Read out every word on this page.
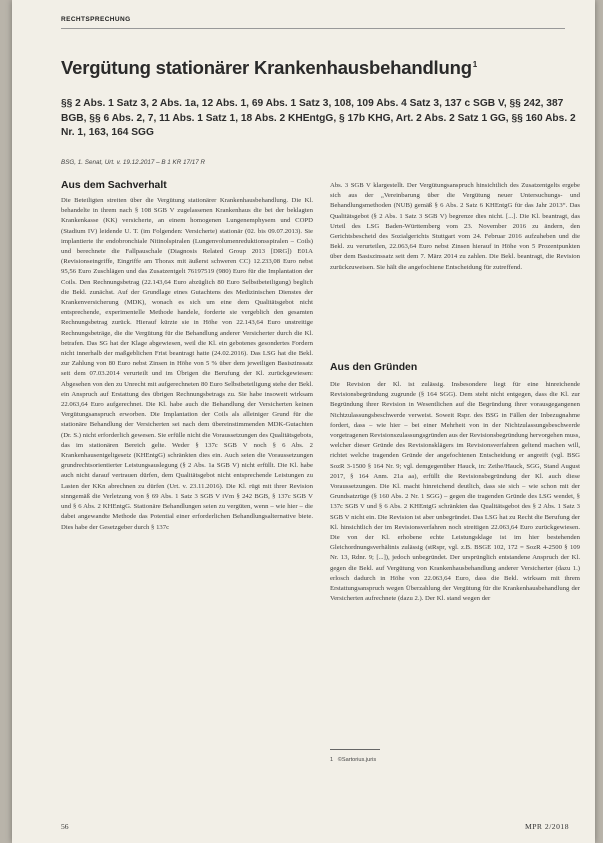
RECHTSPRECHUNG
Vergütung stationärer Krankenhausbehandlung$^1$
§§ 2 Abs. 1 Satz 3, 2 Abs. 1a, 12 Abs. 1, 69 Abs. 1 Satz 3, 108, 109 Abs. 4 Satz 3, 137 c SGB V, §§ 242, 387 BGB, §§ 6 Abs. 2, 7, 11 Abs. 1 Satz 1, 18 Abs. 2 KHEntgG, § 17b KHG, Art. 2 Abs. 2 Satz 1 GG, §§ 160 Abs. 2 Nr. 1, 163, 164 SGG
BSG, 1. Senat, Urt. v. 19.12.2017 – B 1 KR 17/17 R
Aus dem Sachverhalt

Die Beteiligten streiten über die Vergütung stationärer Krankenhausbehandlung. Die Kl. behandelte in ihrem nach § 108 SGB V zugelassenen Krankenhaus die bei der beklagten Krankenkasse (KK) versicherte, an einem homogenen Lungenemphysem und COPD (Stadium IV) leidende U. T. (im Folgenden: Versicherte) stationär (02. bis 09.07.2013). Sie implantierte ihr endobronchiale Nitinolspiralen (Lungenvolumenreduktionsspiralen – Coils) und berechnete die Fallpauschale (Diagnosis Related Group 2013 [DRG]) E01A (Revisionseingriffe, Eingriffe am Thorax mit äußerst schweren CC) 12.233,08 Euro nebst 95,56 Euro Zuschlägen und das Zusatzentgelt 76197519 (980) Euro für die Implantation der Coils. Den Rechnungsbetrag (22.143,64 Euro abzüglich 80 Euro Selbstbeteiligung) beglich die Bekl. zunächst. Auf der Grundlage eines Gutachtens des Medizinischen Dienstes der Krankenversicherung (MDK), wonach es sich um eine dem Qualitätsgebot nicht entsprechende, experimentelle Methode handele, forderte sie vergeblich den gesamten Rechnungsbetrag zurück. Hierauf kürzte sie in Höhe von 22.143,64 Euro unstreitige Rechnungsbeträge, die die Vergütung für die Behandlung anderer Versicherter durch die Kl. betrafen. Das SG hat der Klage abgewiesen, weil die Kl. ein gebotenes gesondertes Fordern nicht innerhalb der maßgeblichen Frist beantragt hatte (24.02.2016). Das LSG hat die Bekl. zur Zahlung von 80 Euro nebst Zinsen in Höhe von 5 % über dem jeweiligen Basiszinssatz seit dem 07.03.2014 verurteilt und im Übrigen die Berufung der Kl. zurückgewiesen: Abgesehen von den zu Unrecht mit aufgerechneten 80 Euro Selbstbeteiligung stehe der Bekl. ein Anspruch auf Erstattung des übrigen Rechnungsbetrags zu. Sie habe insoweit wirksam 22.063,64 Euro aufgerechnet. Die Kl. habe auch die Behandlung der Versicherten keinen Vergütungsanspruch erworben. Die Implantation der Coils als alleiniger Grund für die stationäre Behandlung der Versicherten sei nach dem übereinstimmenden MDK-Gutachten (Dr. S.) nicht erforderlich gewesen. Sie erfülle nicht die Voraussetzungen des Qualitätsgebots, das im stationären Bereich gelte. Weder § 137c SGB V noch § 6 Abs. 2 Krankenhausentgeltgesetz (KHEntgG) schränkten dies ein. Auch seien die Voraussetzungen grundrechtsorientierter Leistungsauslegung (§ 2 Abs. 1a SGB V) nicht erfüllt. Die Kl. habe auch nicht darauf vertrauen dürfen, dem Qualitätsgebot nicht entsprechende Leistungen zu Lasten der KKn abrechnen zu dürfen (Urt. v. 23.11.2016). Die Kl. rügt mit ihrer Revision sinngemäß die Verletzung von § 69 Abs. 1 Satz 3 SGB V iVm § 242 BGB, § 137c SGB V und § 6 Abs. 2 KHEntgG. Stationäre Behandlungen seien zu vergüten, wenn – wie hier – die dabei angewandte Methode das Potential einer erforderlichen Behandlungsalternative biete. Dies habe der Gesetzgeber durch § 137c

Abs. 3 SGB V klargestellt. Der Vergütungsanspruch hinsichtlich des Zusatzentgelts ergebe sich aus der „Vereinbarung über die Vergütung neuer Untersuchungs- und Behandlungsmethoden (NUB) gemäß § 6 Abs. 2 Satz 6 KHEntgG für das Jahr 2013“. Das Qualitätsgebot (§ 2 Abs. 1 Satz 3 SGB V) begrenze dies nicht. [...]. Die Kl. beantragt, das Urteil des LSG Baden-Württemberg vom 23. November 2016 zu ändern, den Gerichtsbescheid des Sozialgerichts Stuttgart vom 24. Februar 2016 aufzuheben und die Bekl. zu verurteilen, 22.063,64 Euro nebst Zinsen hierauf in Höhe von 5 Prozentpunkten über dem Basiszinssatz seit dem 7. März 2014 zu zahlen. Die Bekl. beantragt, die Revision zurückzuweisen. Sie hält die angefochtene Entscheidung für zutreffend.

Aus den Gründen

Die Revision der Kl. ist zulässig. Insbesondere liegt für eine hinreichende Revisionsbegründung zugrunde (§ 164 SGG). Dem steht nicht entgegen, dass die Kl. zur Begründung ihrer Revision in Wesentlichen auf die Begründung ihrer vorausgegangenen Nichtzulassungsbeschwerde verweist. Soweit Rspr. des BSG in Fällen der Inbezugnahme fordert, dass – wie hier – bei einer Mehrheit von in der Nichtzulassungsbeschwerde vorgetragenen Revisionszulassungsgründen aus der Revisionsbegründung hervorgehen muss, welcher dieser Gründe des Revisionsklägers im Revisionsverfahren geltend machen will, richtet welche tragenden Gründe der angefochtenen Entscheidung er angreift (vgl. BSG SozR 3-1500 § 164 Nr. 9; vgl. demgegenüber Hauck, in: Zeihe/Hauck, SGG, Stand August 2017, § 164 Anm. 21a aa), erfüllt die Revisionsbegründung der Kl. auch diese Voraussetzungen. Die Kl. macht hinreichend deutlich, dass sie sich – wie schon mit der Grundsatzrüge (§ 160 Abs. 2 Nr. 1 SGG) – gegen die tragenden Gründe des LSG wendet, § 137c SGB V und § 6 Abs. 2 KHEntgG schränkten das Qualitätsgebot des § 2 Abs. 1 Satz 3 SGB V nicht ein. Die Revision ist aber unbegründet. Das LSG hat zu Recht die Berufung der Kl. hinsichtlich der im Revisionsverfahren noch streitigen 22.063,64 Euro zurückgewiesen. Die von der Kl. erhobene echte Leistungsklage ist im hier bestehenden Gleichordnungsverhältnis zulässig (stRspr, vgl. z.B. BSGE 102, 172 = SozR 4-2500 § 109 Nr. 13, Rdnr. 9; [...]), jedoch unbegründet. Der ursprünglich entstandene Anspruch der Kl. gegen die Bekl. auf Vergütung von Krankenhausbehandlung anderer Versicherter (dazu 1.) erlosch dadurch in Höhe von 22.063,64 Euro, dass die Bekl. wirksam mit ihrem Erstattungsanspruch wegen Überzahlung der Vergütung für die Krankenhausbehandlung der Versicherten aufrechnete (dazu 2.). Der Kl. stand wegen der

1 ©Sartorius.juris
56	MPR 2/2018
